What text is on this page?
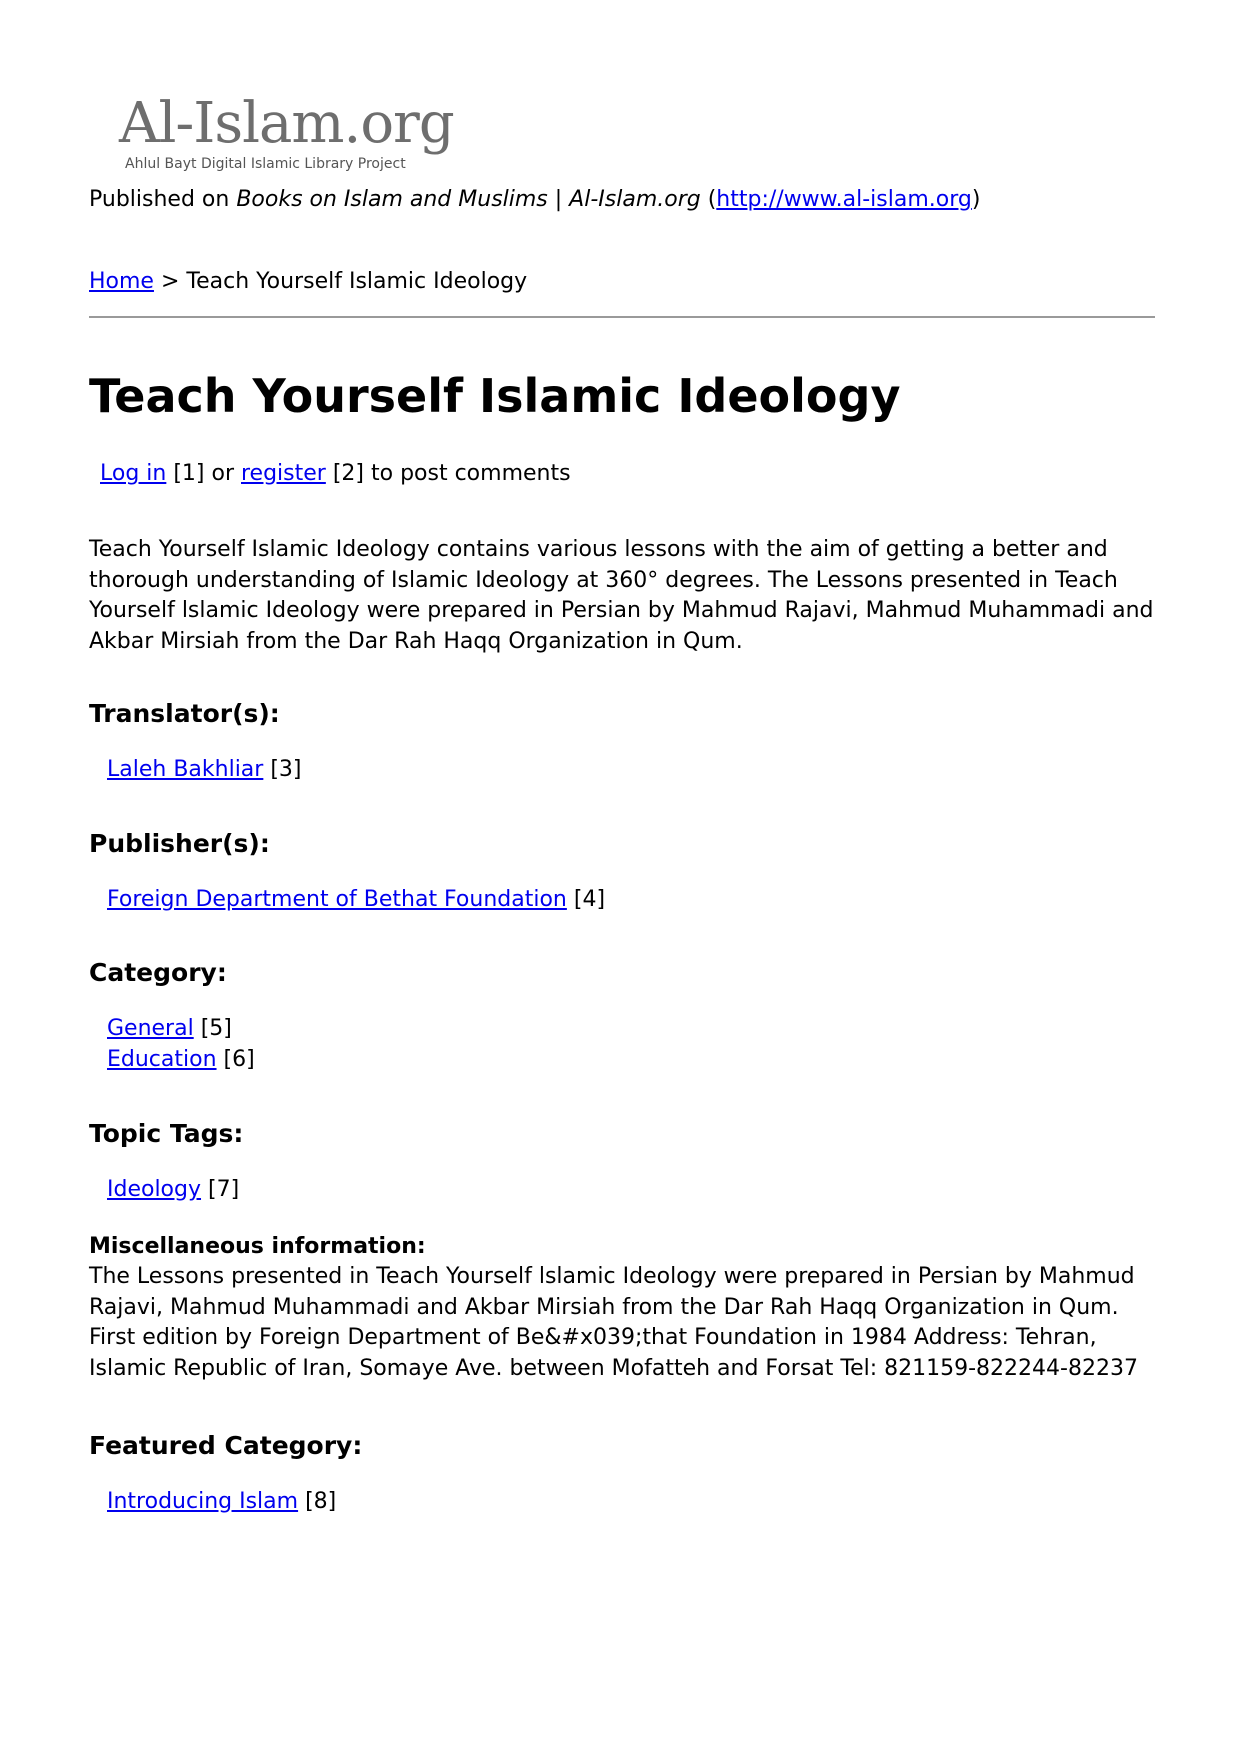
Al-Islam.org
Ahlul Bayt Digital Islamic Library Project
Published on Books on Islam and Muslims | Al-Islam.org (http://www.al-islam.org)
Home > Teach Yourself Islamic Ideology
Teach Yourself Islamic Ideology
Log in [1] or register [2] to post comments
Teach Yourself Islamic Ideology contains various lessons with the aim of getting a better and thorough understanding of Islamic Ideology at 360° degrees. The Lessons presented in Teach Yourself lslamic Ideology were prepared in Persian by Mahmud Rajavi, Mahmud Muhammadi and Akbar Mirsiah from the Dar Rah Haqq Organization in Qum.
Translator(s):
Laleh Bakhliar [3]
Publisher(s):
Foreign Department of Bethat Foundation [4]
Category:
General [5]
Education [6]
Topic Tags:
Ideology [7]
Miscellaneous information:

The Lessons presented in Teach Yourself lslamic Ideology were prepared in Persian by Mahmud Rajavi, Mahmud Muhammadi and Akbar Mirsiah from the Dar Rah Haqq Organization in Qum. First edition by Foreign Department of Be&#x039;that Foundation in 1984 Address: Tehran, Islamic Republic of Iran, Somaye Ave. between Mofatteh and Forsat Tel: 821159-822244-82237

Featured Category:
Introducing Islam [8]
